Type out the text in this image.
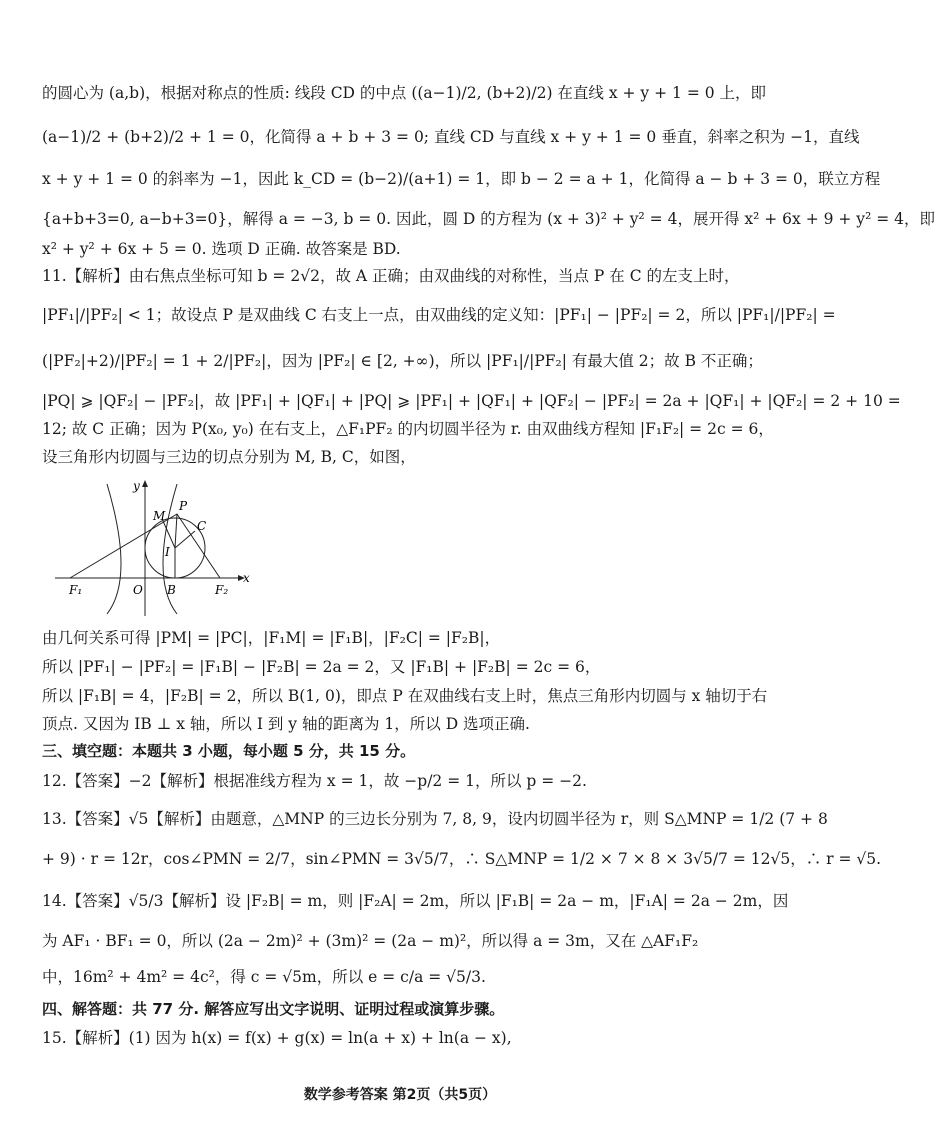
的圆心为 (a,b)，根据对称点的性质: 线段 CD 的中点 ((a−1)/2, (b+2)/2) 在直线 x + y + 1 = 0 上，即
(a−1)/2 + (b+2)/2 + 1 = 0，化简得 a + b + 3 = 0; 直线 CD 与直线 x + y + 1 = 0 垂直，斜率之积为 −1，直线
x + y + 1 = 0 的斜率为 −1，因此 k_CD = (b−2)/(a+1) = 1，即 b − 2 = a + 1，化简得 a − b + 3 = 0，联立方程
{a+b+3=0, a−b+3=0}，解得 a = −3, b = 0. 因此，圆 D 的方程为 (x + 3)² + y² = 4，展开得 x² + 6x + 9 + y² = 4，即
x² + y² + 6x + 5 = 0. 选项 D 正确. 故答案是 BD.
11.【解析】由右焦点坐标可知 b = 2√2，故 A 正确；由双曲线的对称性，当点 P 在 C 的左支上时，
|PF₁|/|PF₂| < 1；故设点 P 是双曲线 C 右支上一点，由双曲线的定义知：|PF₁| − |PF₂| = 2，所以 |PF₁|/|PF₂| =
(|PF₂|+2)/|PF₂| = 1 + 2/|PF₂|，因为 |PF₂| ∈ [2, +∞)，所以 |PF₁|/|PF₂| 有最大值 2；故 B 不正确；
|PQ| ⩾ |QF₂| − |PF₂|，故 |PF₁| + |QF₁| + |PQ| ⩾ |PF₁| + |QF₁| + |QF₂| − |PF₂| = 2a + |QF₁| + |QF₂| = 2 + 10 =
12; 故 C 正确；因为 P(x₀, y₀) 在右支上，△F₁PF₂ 的内切圆半径为 r. 由双曲线方程知 |F₁F₂| = 2c = 6，
设三角形内切圆与三边的切点分别为 M, B, C，如图，
由几何关系可得 |PM| = |PC|，|F₁M| = |F₁B|，|F₂C| = |F₂B|，
所以 |PF₁| − |PF₂| = |F₁B| − |F₂B| = 2a = 2，又 |F₁B| + |F₂B| = 2c = 6，
所以 |F₁B| = 4，|F₂B| = 2，所以 B(1, 0)，即点 P 在双曲线右支上时，焦点三角形内切圆与 x 轴切于右
顶点. 又因为 IB ⊥ x 轴，所以 I 到 y 轴的距离为 1，所以 D 选项正确.
三、填空题：本题共 3 小题，每小题 5 分，共 15 分。
12.【答案】−2【解析】根据准线方程为 x = 1，故 −p/2 = 1，所以 p = −2.
13.【答案】√5【解析】由题意，△MNP 的三边长分别为 7, 8, 9，设内切圆半径为 r，则 S△MNP = 1/2 (7 + 8
+ 9) · r = 12r，cos∠PMN = 2/7，sin∠PMN = 3√5/7，∴ S△MNP = 1/2 × 7 × 8 × 3√5/7 = 12√5，∴ r = √5.
14.【答案】√5/3【解析】设 |F₂B| = m，则 |F₂A| = 2m，所以 |F₁B| = 2a − m，|F₁A| = 2a − 2m，因
为 AF₁ · BF₁ = 0，所以 (2a − 2m)² + (3m)² = (2a − m)²，所以得 a = 3m，又在 △AF₁F₂
中，16m² + 4m² = 4c²，得 c = √5m，所以 e = c/a = √5/3.
四、解答题：共 77 分. 解答应写出文字说明、证明过程或演算步骤。
15.【解析】(1) 因为 h(x) = f(x) + g(x) = ln(a + x) + ln(a − x),
y
x
P
M
C
I
F₁	O B	F₂
数学参考答案 第2页（共5页）
